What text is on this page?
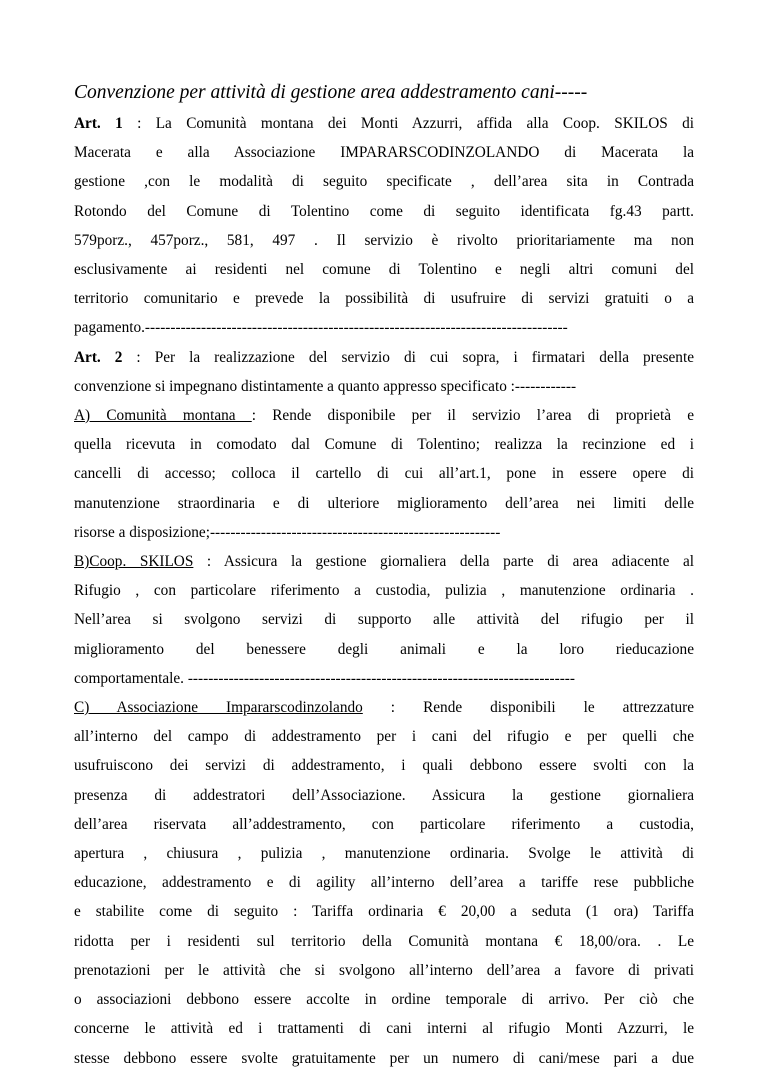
Convenzione per attività di gestione area addestramento cani-----
Art. 1 : La Comunità montana dei Monti Azzurri, affida alla Coop. SKILOS di
Macerata e alla Associazione IMPARARSCODINZOLANDO di Macerata la
gestione ,con le modalità di seguito specificate , dell’area sita in Contrada
Rotondo del Comune di Tolentino come di seguito identificata fg.43 partt.
579porz., 457porz., 581, 497 . Il servizio è rivolto prioritariamente ma non
esclusivamente ai residenti nel comune di Tolentino e negli altri comuni del
territorio comunitario e prevede la possibilità di usufruire di servizi gratuiti o a
pagamento.-----------------------------------------------------------------------------------
Art. 2 : Per la realizzazione del servizio di cui sopra, i firmatari della presente
convenzione si impegnano distintamente a quanto appresso specificato :------------
A) Comunità montana : Rende disponibile per il servizio l’area di proprietà e
quella ricevuta in comodato dal Comune di Tolentino; realizza la recinzione ed i
cancelli di accesso; colloca il cartello di cui all’art.1, pone in essere opere di
manutenzione straordinaria e di ulteriore miglioramento dell’area nei limiti delle
risorse a disposizione;---------------------------------------------------------
B)Coop. SKILOS : Assicura la gestione giornaliera della parte di area adiacente al
Rifugio , con particolare riferimento a custodia, pulizia , manutenzione ordinaria .
Nell’area si svolgono servizi di supporto alle attività del rifugio per il
miglioramento del benessere degli animali e la loro rieducazione
comportamentale. ----------------------------------------------------------------------------
C) Associazione Impararscodinzolando : Rende disponibili le attrezzature
all’interno del campo di addestramento per i cani del rifugio e per quelli che
usufruiscono dei servizi di addestramento, i quali debbono essere svolti con la
presenza di addestratori dell’Associazione. Assicura la gestione giornaliera
dell’area riservata all’addestramento, con particolare riferimento a custodia,
apertura , chiusura , pulizia , manutenzione ordinaria. Svolge le attività di
educazione, addestramento e di agility all’interno dell’area a tariffe rese pubbliche
e stabilite come di seguito : Tariffa ordinaria € 20,00 a seduta (1 ora) Tariffa
ridotta per i residenti sul territorio della Comunità montana € 18,00/ora. . Le
prenotazioni per le attività che si svolgono all’interno dell’area a favore di privati
o associazioni debbono essere accolte in ordine temporale di arrivo. Per ciò che
concerne le attività ed i trattamenti di cani interni al rifugio Monti Azzurri, le
stesse debbono essere svolte gratuitamente per un numero di cani/mese pari a due
